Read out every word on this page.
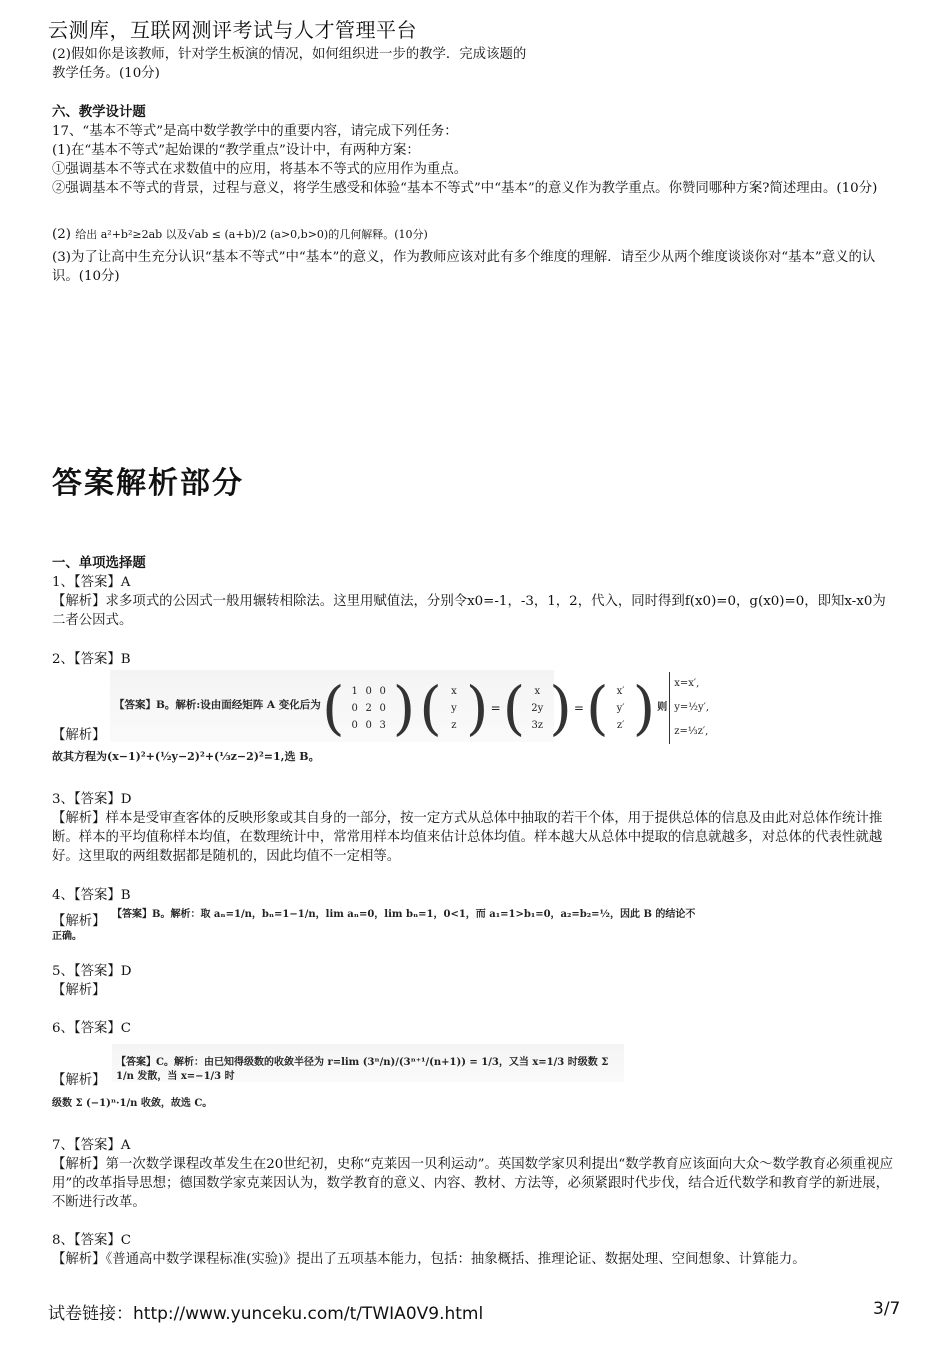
云测库，互联网测评考试与人才管理平台
(2)假如你是该教师，针对学生板演的情况，如何组织进一步的教学．完成该题的
教学任务。(10分)
六、教学设计题
17、“基本不等式”是高中数学教学中的重要内容，请完成下列任务：
(1)在“基本不等式”起始课的“教学重点”设计中，有两种方案：
①强调基本不等式在求数值中的应用，将基本不等式的应用作为重点。
②强调基本不等式的背景，过程与意义，将学生感受和体验“基本不等式”中“基本”的意义作为教学重点。你赞同哪种方案?简述理由。(10分)
(2) 给出 a²+b²≥2ab 以及√ab ≤ (a+b)/2 (a>0,b>0)的几何解释。(10分)
(3)为了让高中生充分认识“基本不等式”中“基本”的意义，作为教师应该对此有多个维度的理解．请至少从两个维度谈谈你对“基本”意义的认识。(10分)
答案解析部分
一、单项选择题
1、【答案】A
【解析】求多项式的公因式一般用辗转相除法。这里用赋值法，分别令x0=-1，-3，1，2，代入，同时得到f(x0)=0，g(x0)=0，即知x-x0为二者公因式。
2、【答案】B
【答案】B。解析:设由面经矩阵 A 变化后为 ( 1 0 0
0 2 0
0 0 3 ) ( x
y
z ) = ( x
2y
3z ) = ( x′
y′
z′ ) 则
x=x′,
y=½y′,
z=⅓z′,
【解析】
故其方程为(x−1)²+(½y−2)²+(⅓z−2)²=1,选 B。
3、【答案】D
【解析】样本是受审查客体的反映形象或其自身的一部分，按一定方式从总体中抽取的若干个体，用于提供总体的信息及由此对总体作统计推断。样本的平均值称样本均值，在数理统计中，常常用样本均值来估计总体均值。样本越大从总体中提取的信息就越多，对总体的代表性就越好。这里取的两组数据都是随机的，因此均值不一定相等。
4、【答案】B
【解析】 【答案】B。解析：取 aₙ=1/n，bₙ=1−1/n，lim aₙ=0，lim bₙ=1，0<1，而 a₁=1>b₁=0，a₂=b₂=½，因此 B 的结论不
正确。
5、【答案】D
【解析】
6、【答案】C
【答案】C。解析：由已知得级数的收敛半径为 r=lim (3ⁿ/n)/(3ⁿ⁺¹/(n+1)) = 1/3，又当 x=1/3 时级数 Σ 1/n 发散，当 x=−1/3 时
【解析】
级数 Σ (−1)ⁿ·1/n 收敛，故选 C。
7、【答案】A
【解析】第一次数学课程改革发生在20世纪初，史称“克莱因一贝利运动”。英国数学家贝利提出“数学教育应该面向大众～数学教育必须重视应用”的改革指导思想；德国数学家克莱因认为，数学教育的意义、内容、教材、方法等，必须紧跟时代步伐，结合近代数学和教育学的新进展，不断进行改革。
8、【答案】C
【解析】《普通高中数学课程标准(实验)》提出了五项基本能力，包括：抽象概括、推理论证、数据处理、空间想象、计算能力。
试卷链接：http://www.yunceku.com/t/TWIA0V9.html	3/7
